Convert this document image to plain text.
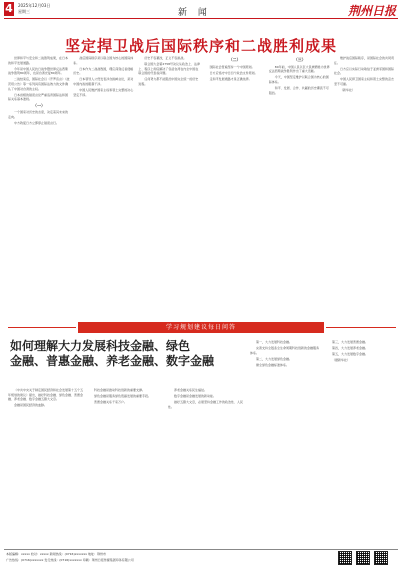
4 2025年12月03日
星期三	新 闻	荆州日报
坚定捍卫战后国际秩序和二战胜利成果

世界和平与安全和二战胜利成果，在日本的和平发展道路。

今年是中国人民抗日战争暨世界反法西斯战争胜利80周年，也是台湾光复80周年。

二战结束后，国际社会以《开罗宣言》《波茨坦公告》等一系列具有国际法效力的文件确认了中国对台湾的主权。

日本首相的错误言论严重违背国际法和国际关系基本准则。

（一）

一个国家对历史的态度，决定着其未来的走向。

中方敦促日方立即停止错误言行。

战后国际秩序是以联合国为核心的国际体系。

日本作为二战战败国，理应深刻反省侵略历史。

日本领导人公然发表涉台挑衅言论，是对中国内政的粗暴干涉。

中国人民维护国家主权和领土完整的决心坚定不移。

历史不容篡改，正义不容挑战。

联合国大会第2758号决议从政治上、法律上、程序上彻底解决了包括台湾在内全中国在联合国的代表权问题。

任何势力都不能阻挡中国完全统一的历史进程。

（二）

国际社会普遍坚持一个中国原则。

日方应恪守中日四个政治文件原则。

走和平发展道路才是正确选择。

（三）

80年前，中国人民以巨大民族牺牲为世界反法西斯战争胜利作出了重大贡献。

今天，中国坚定维护以联合国为核心的国际体系。

和平、发展、合作、共赢的历史潮流不可阻挡。

维护战后国际秩序，是国际社会的共同责任。

日方应以实际行动取信于亚洲邻国和国际社会。

中国人民捍卫国家主权和领土完整的意志坚不可摧。

（新华社）

学习规划建议每日问答
如何理解大力发展科技金融、绿色
金融、普惠金融、养老金融、数字金融

《中共中央关于制定国民经济和社会发展第十五个五年规划的建议》提出，做好科技金融、绿色金融、普惠金融、养老金融、数字金融五篇大文章。

金融是国民经济的血脉。

科技金融是推动科技创新的重要支撑。

绿色金融是服务绿色低碳发展的重要手段。

普惠金融关系千家万户。

养老金融关系民生福祉。

数字金融是金融发展的新动能。

做好五篇大文章，必须坚持金融工作的政治性、人民性。

第一，大力发展科技金融。

完善支持全链条全生命周期科技创新的金融服务体系。

第二，大力发展绿色金融。

健全绿色金融标准体系。

第三，大力发展普惠金融。

第四，大力发展养老金融。

第五，大力发展数字金融。

（据新华社）

本版编辑：xxxxx 校对：xxxxx 新闻热线：(0716)xxxxxxx 地址：荆州市
广告热线：(0716)xxxxxxx 发行热线：(0716)xxxxxxx 印刷：荆州日报传媒集团印务有限公司
